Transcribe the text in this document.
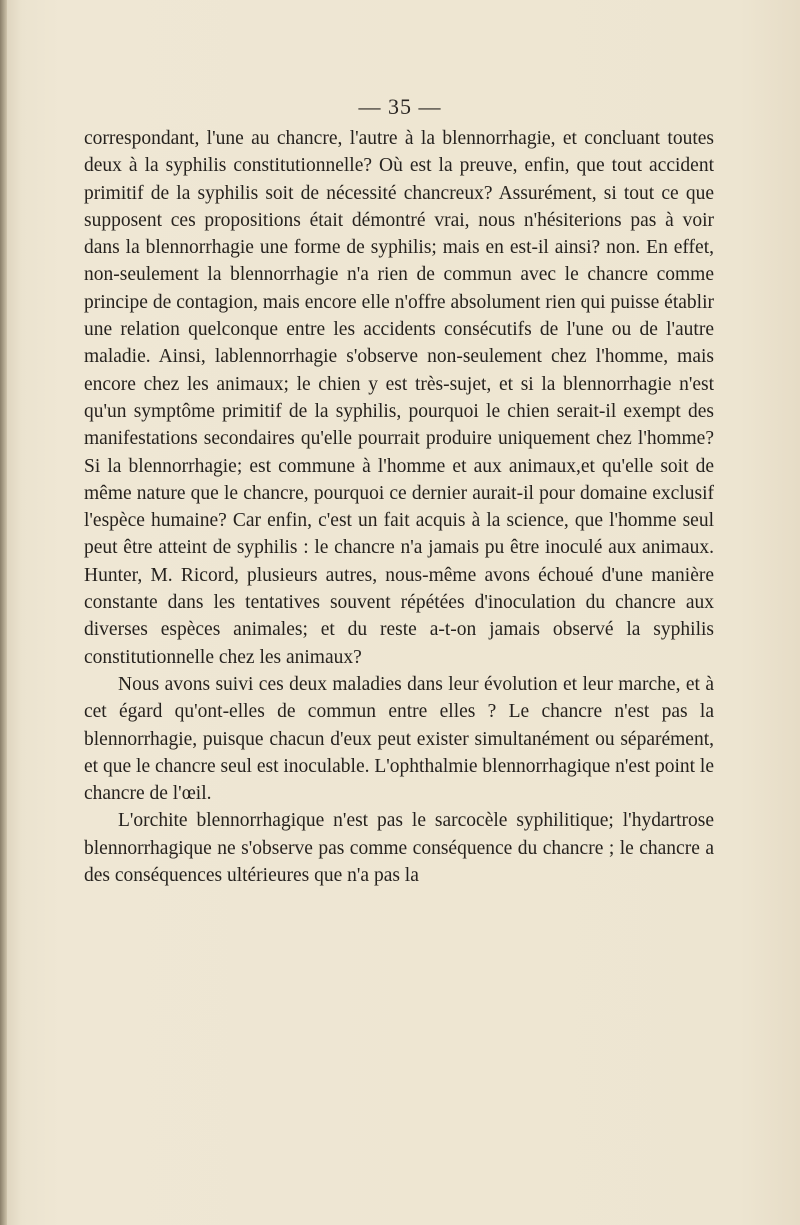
— 35 —

correspondant, l'une au chancre, l'autre à la blennorrhagie, et concluant toutes deux à la syphilis constitutionnelle? Où est la preuve, enfin, que tout accident primitif de la syphilis soit de nécessité chancreux? Assurément, si tout ce que supposent ces propositions était démontré vrai, nous n'hésiterions pas à voir dans la blennorrhagie une forme de syphilis; mais en est-il ainsi? non. En effet, non-seulement la blennorrhagie n'a rien de commun avec le chancre comme principe de contagion, mais encore elle n'offre absolument rien qui puisse établir une relation quelconque entre les accidents consécutifs de l'une ou de l'autre maladie. Ainsi, lablennorrhagie s'observe non-seulement chez l'homme, mais encore chez les animaux; le chien y est très-sujet, et si la blennorrhagie n'est qu'un symptôme primitif de la syphilis, pourquoi le chien serait-il exempt des manifestations secondaires qu'elle pourrait produire uniquement chez l'homme? Si la blennorrhagie; est commune à l'homme et aux animaux,et qu'elle soit de même nature que le chancre, pourquoi ce dernier aurait-il pour domaine exclusif l'espèce humaine? Car enfin, c'est un fait acquis à la science, que l'homme seul peut être atteint de syphilis : le chancre n'a jamais pu être inoculé aux animaux. Hunter, M. Ricord, plusieurs autres, nous-même avons échoué d'une manière constante dans les tentatives souvent répétées d'inoculation du chancre aux diverses espèces animales; et du reste a-t-on jamais observé la syphilis constitutionnelle chez les animaux?

Nous avons suivi ces deux maladies dans leur évolution et leur marche, et à cet égard qu'ont-elles de commun entre elles ? Le chancre n'est pas la blennorrhagie, puisque chacun d'eux peut exister simultanément ou séparément, et que le chancre seul est inoculable. L'ophthalmie blennorrhagique n'est point le chancre de l'œil.

L'orchite blennorrhagique n'est pas le sarcocèle syphilitique; l'hydartrose blennorrhagique ne s'observe pas comme conséquence du chancre ; le chancre a des conséquences ultérieures que n'a pas la
